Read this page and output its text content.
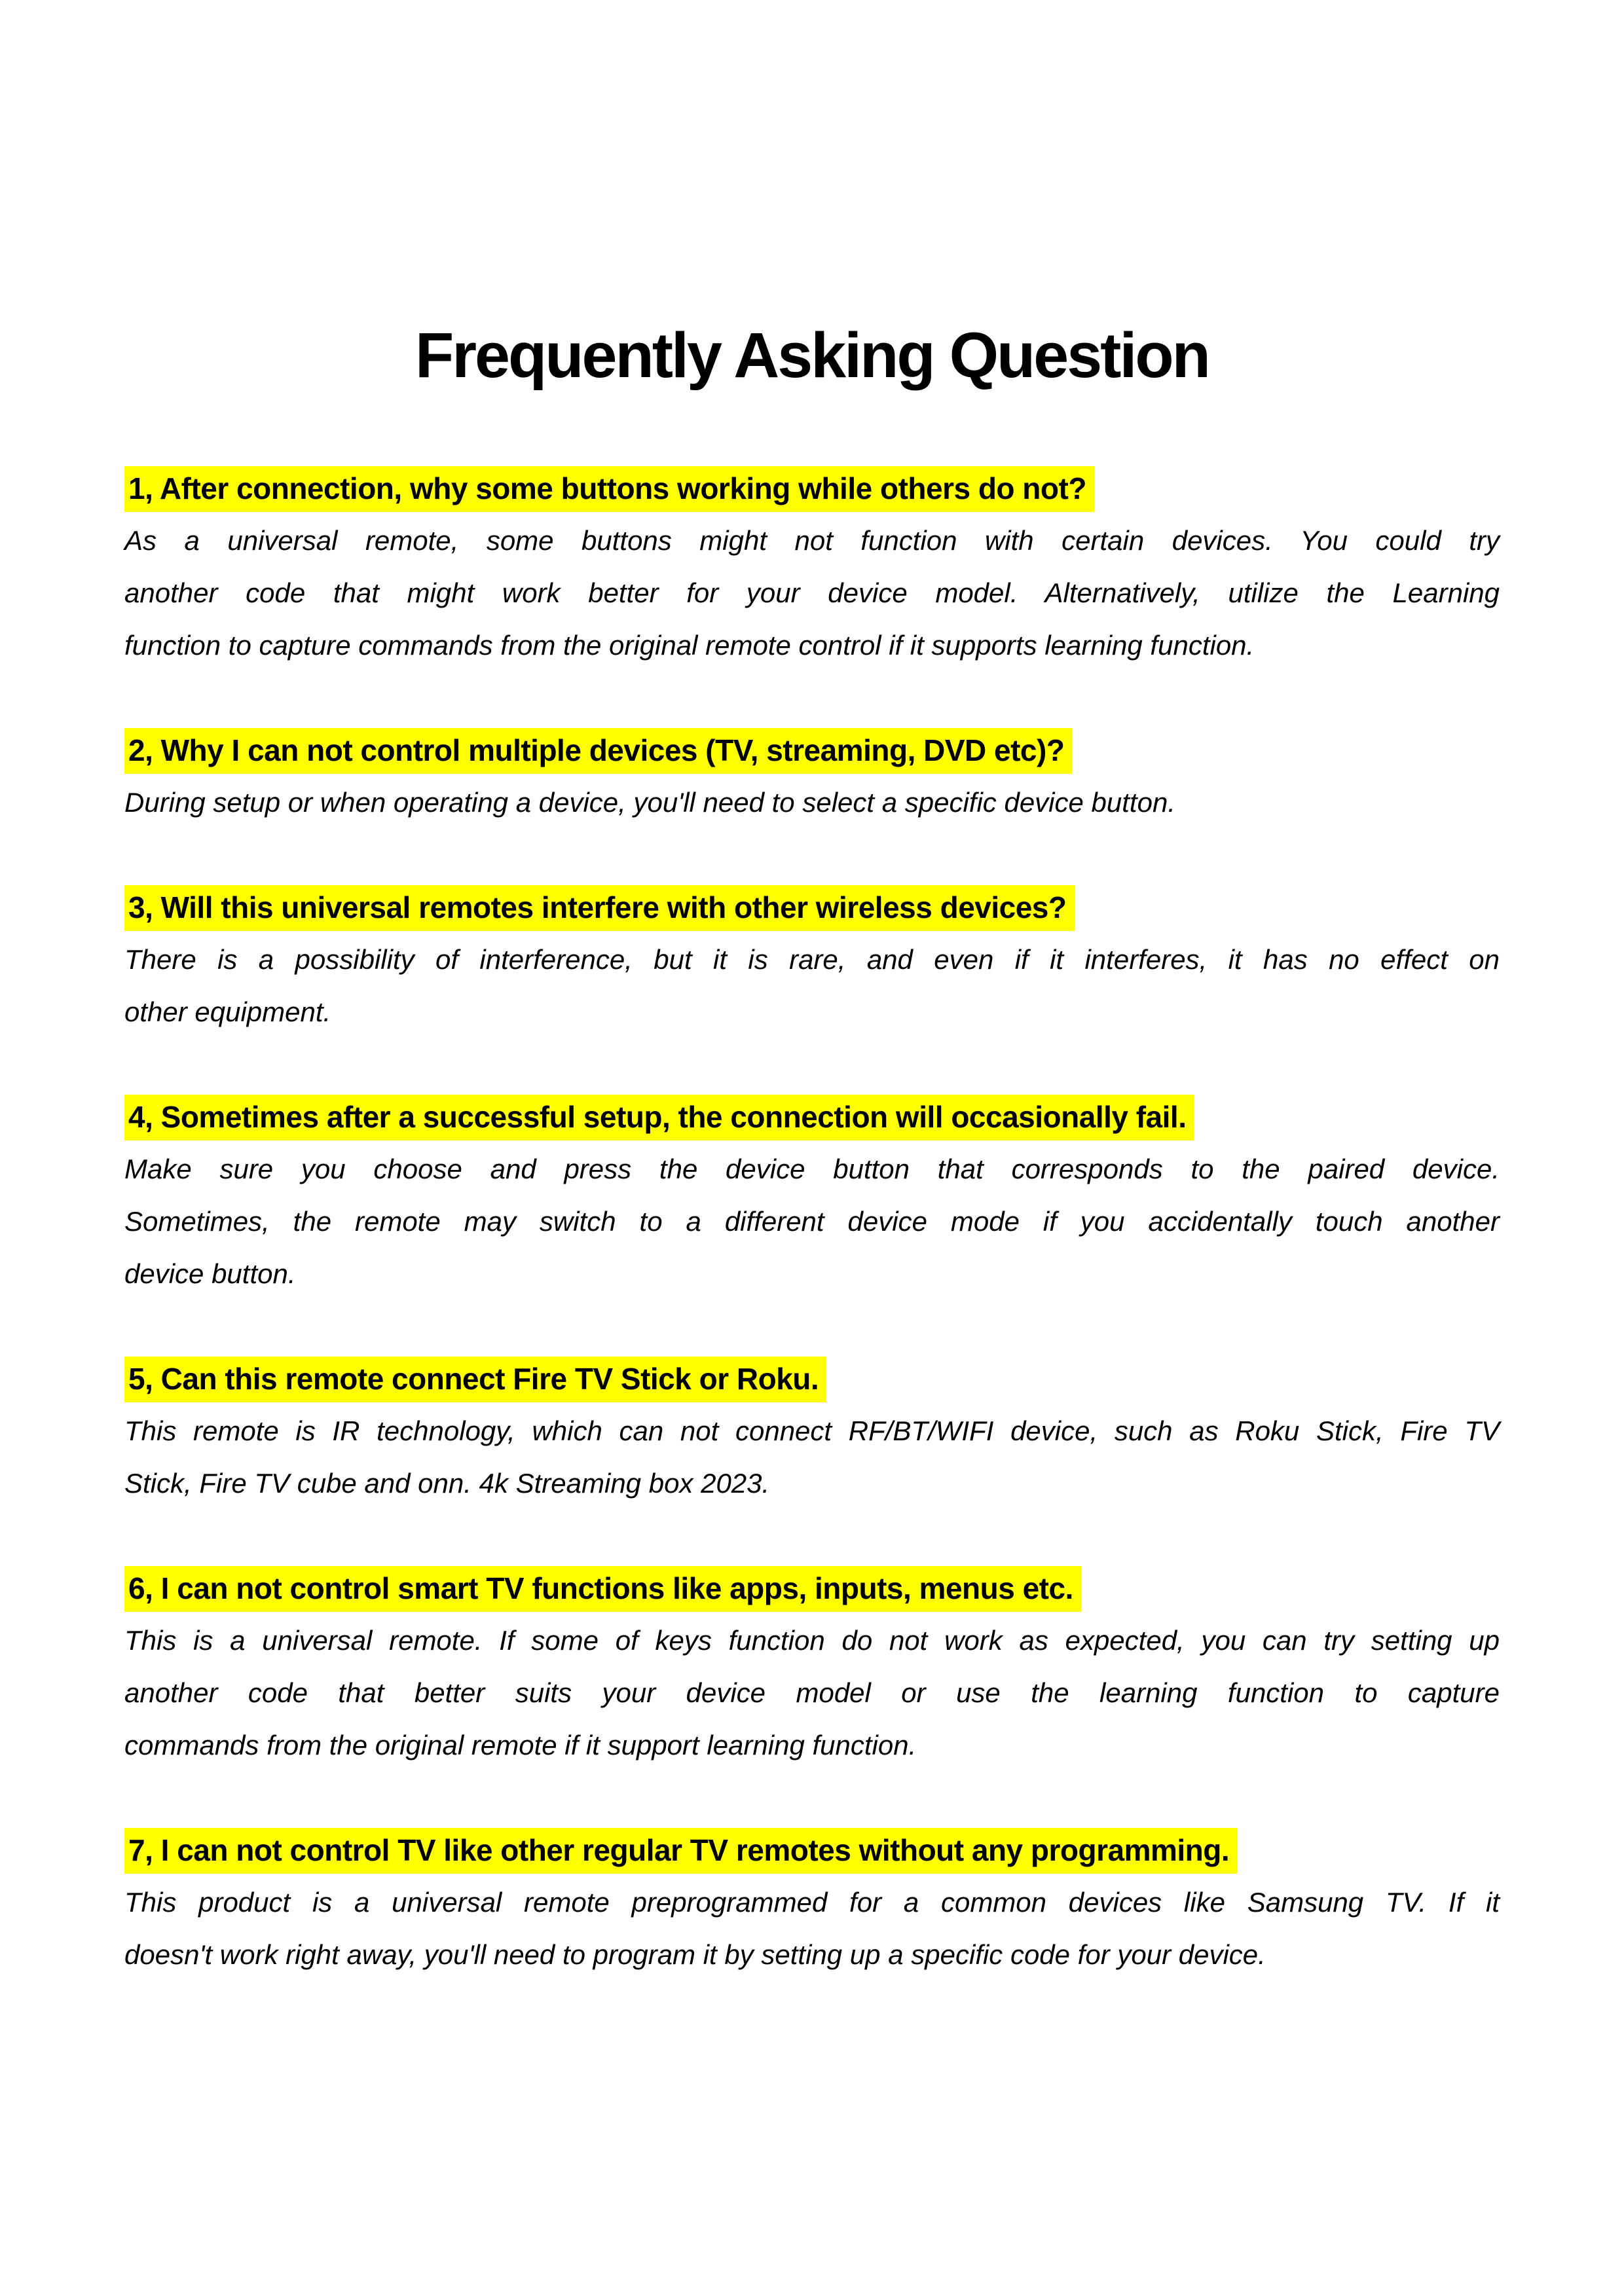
Frequently Asking Question

1, After connection, why some buttons working while others do not?

As a universal remote, some buttons might not function with certain devices. You could try
another code that might work better for your device model. Alternatively, utilize the Learning
function to capture commands from the original remote control if it supports learning function.

2, Why I can not control multiple devices (TV, streaming, DVD etc)?

During setup or when operating a device, you'll need to select a specific device button.

3, Will this universal remotes interfere with other wireless devices?

There is a possibility of interference, but it is rare, and even if it interferes, it has no effect on
other equipment.

4, Sometimes after a successful setup, the connection will occasionally fail.

Make sure you choose and press the device button that corresponds to the paired device.
Sometimes, the remote may switch to a different device mode if you accidentally touch another
device button.

5, Can this remote connect Fire TV Stick or Roku.

This remote is IR technology, which can not connect RF/BT/WIFI device, such as Roku Stick, Fire TV
Stick, Fire TV cube and onn. 4k Streaming box 2023.

6, I can not control smart TV functions like apps, inputs, menus etc.

This is a universal remote. If some of keys function do not work as expected, you can try setting up
another code that better suits your device model or use the learning function to capture
commands from the original remote if it support learning function.

7, I can not control TV like other regular TV remotes without any programming.

This product is a universal remote preprogrammed for a common devices like Samsung TV. If it
doesn't work right away, you'll need to program it by setting up a specific code for your device.
